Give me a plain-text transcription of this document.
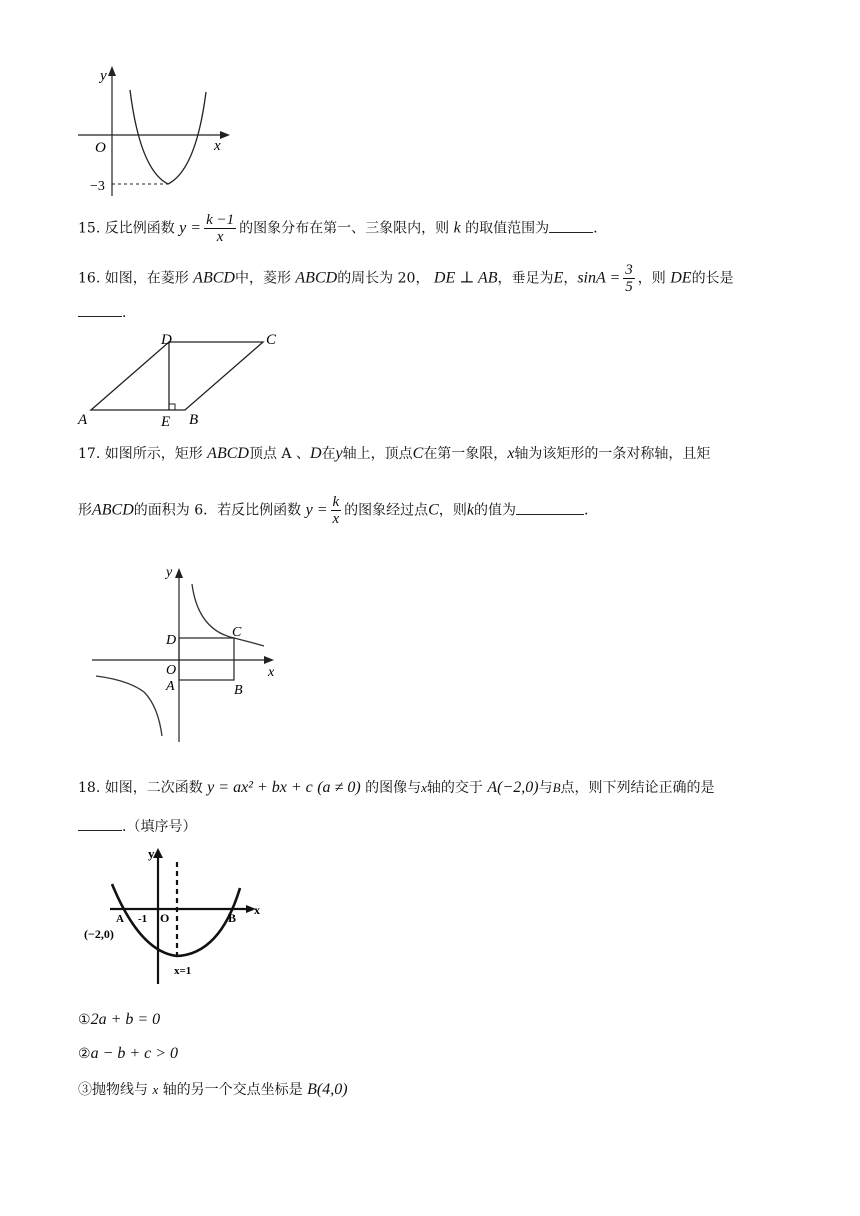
y
x
O
−3
15. 反比例函数 $y = \frac{k -1}{x}$ 的图象分布在第一、三象限内，则 k 的取值范围为	.
16. 如图，在菱形 ABCD中，菱形 ABCD的周长为 20， DE ⊥ AB，垂足为E，$\sin A = \frac{3}{5}$ ，则 DE的长是
.
A	E B
C
D
17. 如图所示，矩形 ABCD顶点 A 、D在y轴上，顶点C在第一象限，x轴为该矩形的一条对称轴，且矩
形ABCD的面积为 6．若反比例函数 $y = \frac{k}{x}$ 的图象经过点C，则k的值为	.
y
x
D
C
O
A	B
18. 如图，二次函数 y = ax² + bx + c (a ≠ 0) 的图像与x轴的交于 A(−2,0)与B点，则下列结论正确的是
.（填序号）
y
x
A -1 O	B
(−2,0)
x=1
①2a + b = 0
②a − b + c > 0
③抛物线与 x 轴的另一个交点坐标是 B(4,0)
